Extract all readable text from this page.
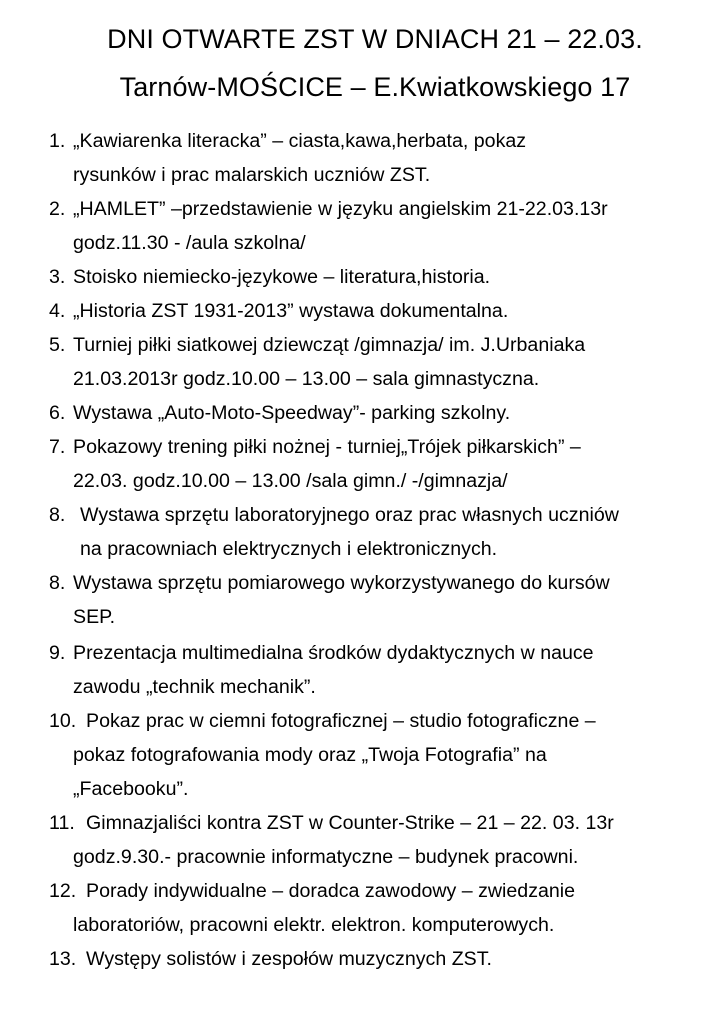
DNI OTWARTE ZST W DNIACH 21 – 22.03.
Tarnów-MOŚCICE – E.Kwiatkowskiego 17
1. „Kawiarenka literacka” – ciasta,kawa,herbata, pokaz
rysunków i prac malarskich uczniów ZST.
2. „HAMLET” –przedstawienie w języku angielskim 21-22.03.13r
godz.11.30 - /aula szkolna/
3. Stoisko niemiecko-językowe – literatura,historia.
4. „Historia ZST 1931-2013” wystawa dokumentalna.
5. Turniej piłki siatkowej dziewcząt /gimnazja/ im. J.Urbaniaka
21.03.2013r godz.10.00 – 13.00 – sala gimnastyczna.
6. Wystawa „Auto-Moto-Speedway”- parking szkolny.
7. Pokazowy trening piłki nożnej - turniej„Trójek piłkarskich” –
22.03. godz.10.00 – 13.00 /sala gimn./ -/gimnazja/
8. Wystawa sprzętu laboratoryjnego oraz prac własnych uczniów
na pracowniach elektrycznych i elektronicznych.
8. Wystawa sprzętu pomiarowego wykorzystywanego do kursów
SEP.
9. Prezentacja multimedialna środków dydaktycznych w nauce
zawodu „technik mechanik”.
10. Pokaz prac w ciemni fotograficznej – studio fotograficzne –
pokaz fotografowania mody oraz „Twoja Fotografia” na
„Facebooku”.
11. Gimnazjaliści kontra ZST w Counter-Strike – 21 – 22. 03. 13r
godz.9.30.- pracownie informatyczne – budynek pracowni.
12. Porady indywidualne – doradca zawodowy – zwiedzanie
laboratoriów, pracowni elektr. elektron. komputerowych.
13. Występy solistów i zespołów muzycznych ZST.
